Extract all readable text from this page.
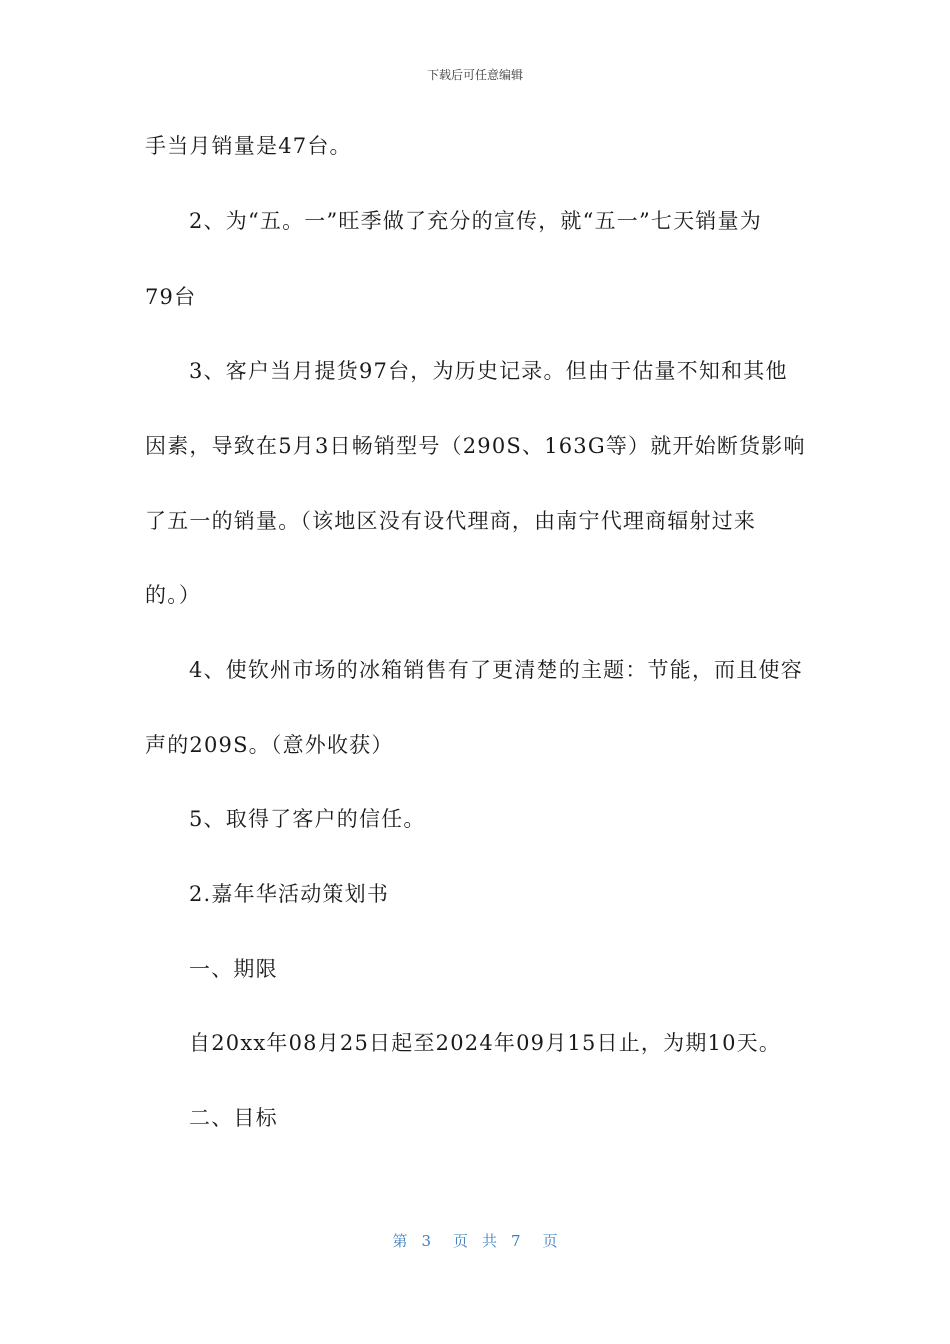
下载后可任意编辑
手当月销量是47台。
2、为“五。一”旺季做了充分的宣传，就“五一”七天销量为
79台
3、客户当月提货97台，为历史记录。但由于估量不知和其他
因素，导致在5月3日畅销型号（290S、163G等）就开始断货影响
了五一的销量。（该地区没有设代理商，由南宁代理商辐射过来
的。）
4、使钦州市场的冰箱销售有了更清楚的主题：节能，而且使容
声的209S。（意外收获）
5、取得了客户的信任。
2.嘉年华活动策划书
一、期限
自20xx年08月25日起至2024年09月15日止，为期10天。
二、目标
第 3 页 共 7 页
